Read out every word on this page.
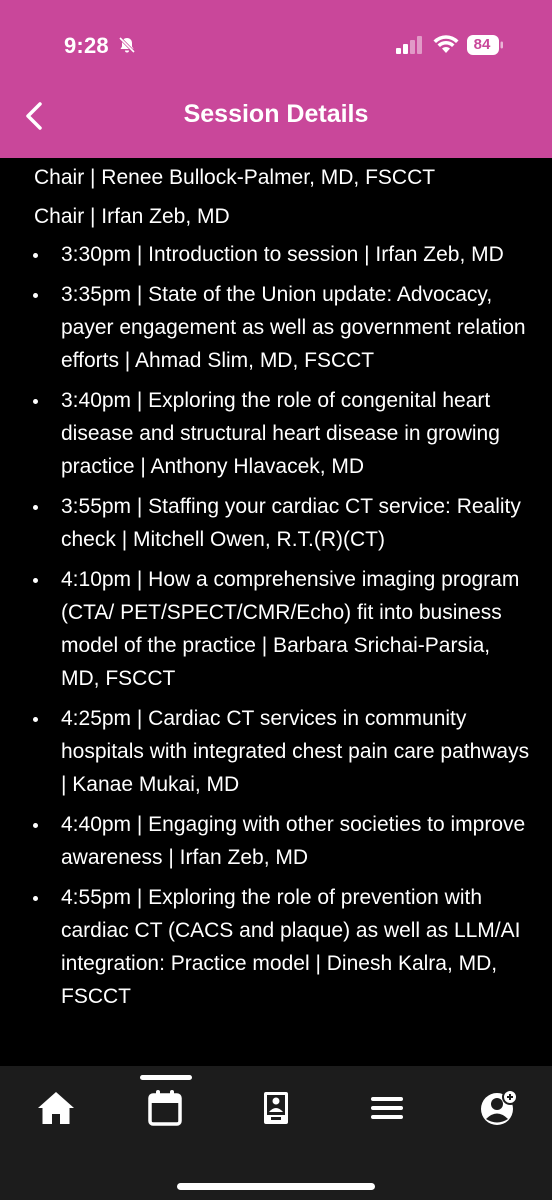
9:28	84
Session Details
Chair | Renee Bullock-Palmer, MD, FSCCT
Chair | Irfan Zeb, MD
3:30pm | Introduction to session | Irfan Zeb, MD
3:35pm | State of the Union update: Advocacy, payer engagement as well as government relation efforts | Ahmad Slim, MD, FSCCT
3:40pm | Exploring the role of congenital heart disease and structural heart disease in growing practice | Anthony Hlavacek, MD
3:55pm | Staffing your cardiac CT service: Reality check | Mitchell Owen, R.T.(R)(CT)
4:10pm | How a comprehensive imaging program (CTA/ PET/SPECT/CMR/Echo) fit into business model of the practice | Barbara Srichai-Parsia, MD, FSCCT
4:25pm | Cardiac CT services in community hospitals with integrated chest pain care pathways | Kanae Mukai, MD
4:40pm | Engaging with other societies to improve awareness | Irfan Zeb, MD
4:55pm | Exploring the role of prevention with cardiac CT (CACS and plaque) as well as LLM/AI integration: Practice model | Dinesh Kalra, MD, FSCCT
